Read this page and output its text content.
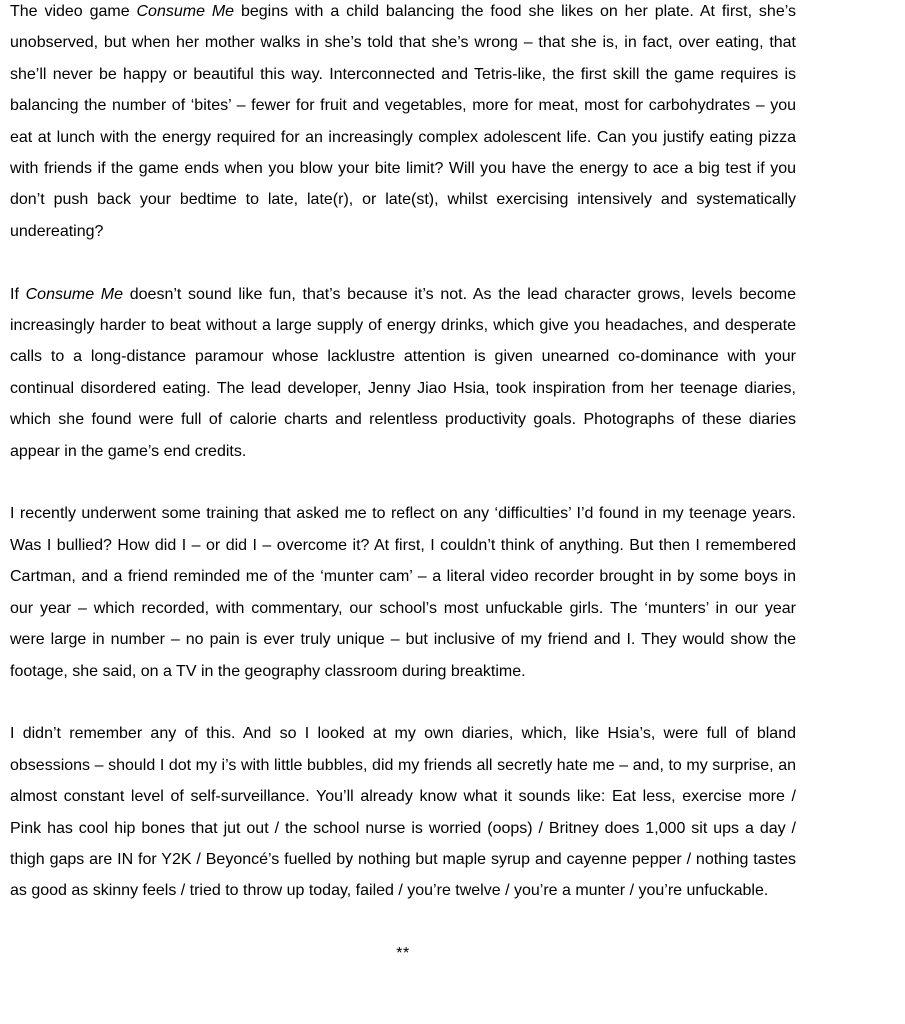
The video game Consume Me begins with a child balancing the food she likes on her plate. At first, she’s unobserved, but when her mother walks in she’s told that she’s wrong – that she is, in fact, over eating, that she’ll never be happy or beautiful this way. Interconnected and Tetris-like, the first skill the game requires is balancing the number of ‘bites’ – fewer for fruit and vegetables, more for meat, most for carbohydrates – you eat at lunch with the energy required for an increasingly complex adolescent life. Can you justify eating pizza with friends if the game ends when you blow your bite limit? Will you have the energy to ace a big test if you don’t push back your bedtime to late, late(r), or late(st), whilst exercising intensively and systematically undereating?

If Consume Me doesn’t sound like fun, that’s because it’s not. As the lead character grows, levels become increasingly harder to beat without a large supply of energy drinks, which give you headaches, and desperate calls to a long-distance paramour whose lacklustre attention is given unearned co-dominance with your continual disordered eating. The lead developer, Jenny Jiao Hsia, took inspiration from her teenage diaries, which she found were full of calorie charts and relentless productivity goals. Photographs of these diaries appear in the game’s end credits.

I recently underwent some training that asked me to reflect on any ‘difficulties’ I’d found in my teenage years. Was I bullied? How did I – or did I – overcome it? At first, I couldn’t think of anything. But then I remembered Cartman, and a friend reminded me of the ‘munter cam’ – a literal video recorder brought in by some boys in our year – which recorded, with commentary, our school’s most unfuckable girls. The ‘munters’ in our year were large in number – no pain is ever truly unique – but inclusive of my friend and I. They would show the footage, she said, on a TV in the geography classroom during breaktime.

I didn’t remember any of this. And so I looked at my own diaries, which, like Hsia’s, were full of bland obsessions – should I dot my i’s with little bubbles, did my friends all secretly hate me – and, to my surprise, an almost constant level of self-surveillance. You’ll already know what it sounds like: Eat less, exercise more / Pink has cool hip bones that jut out / the school nurse is worried (oops) / Britney does 1,000 sit ups a day / thigh gaps are IN for Y2K / Beyoncé’s fuelled by nothing but maple syrup and cayenne pepper / nothing tastes as good as skinny feels / tried to throw up today, failed / you’re twelve / you’re a munter / you’re unfuckable.

**
